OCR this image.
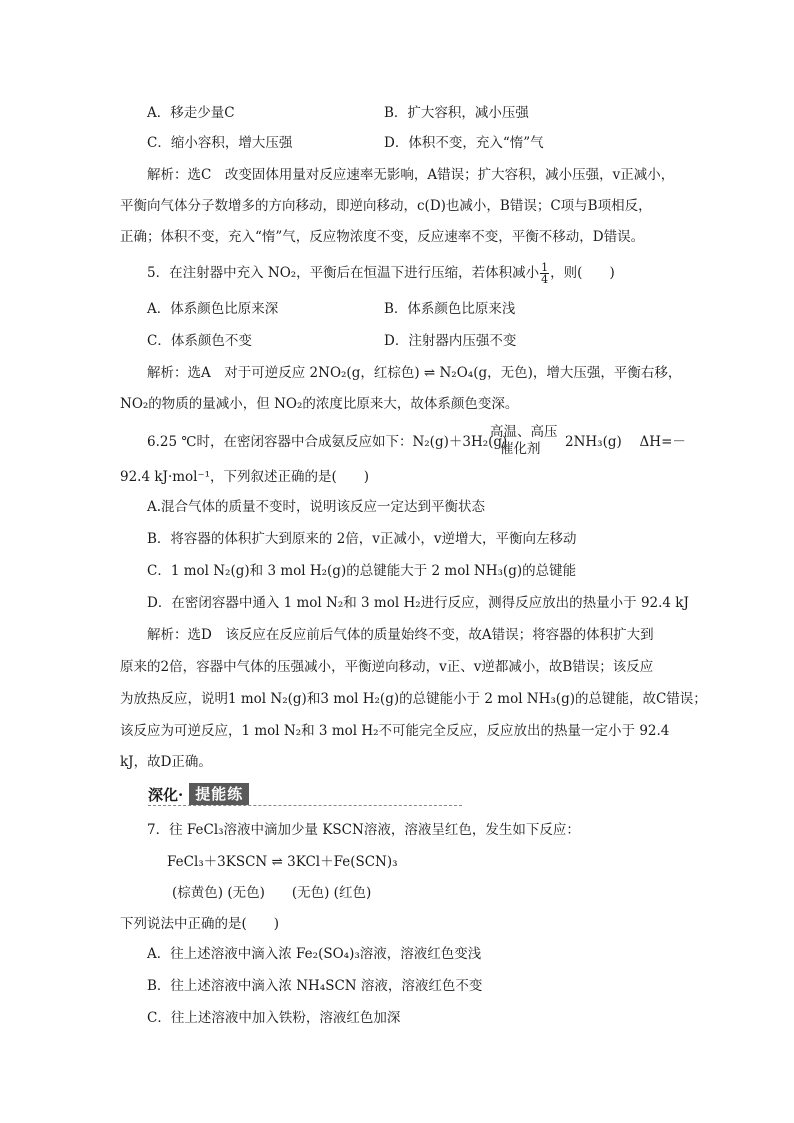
A．移走少量C	B．扩大容积，减小压强
C．缩小容积，增大压强	D．体积不变，充入“惰”气
解析：选C　改变固体用量对反应速率无影响，A错误；扩大容积，减小压强，v正减小，
平衡向气体分子数增多的方向移动，即逆向移动，c(D)也减小，B错误；C项与B项相反，
正确；体积不变，充入“惰”气，反应物浓度不变，反应速率不变，平衡不移动，D错误。
5．在注射器中充入 NO₂，平衡后在恒温下进行压缩，若体积减小 $\frac{1}{4}$ ，则(　　)
A．体系颜色比原来深	B．体系颜色比原来浅
C．体系颜色不变	D．注射器内压强不变
解析：选A　对于可逆反应 2NO₂(g，红棕色) ⇌ N₂O₄(g，无色)，增大压强，平衡右移，
NO₂的物质的量减小，但 NO₂的浓度比原来大，故体系颜色变深。
高温、高压
6.25 ℃时，在密闭容器中合成氨反应如下：N₂(g)＋3H₂(g)	2NH₃(g)　 ΔH=－
催化剂
92.4 kJ·mol⁻¹，下列叙述正确的是(　　)
A.混合气体的质量不变时，说明该反应一定达到平衡状态
B．将容器的体积扩大到原来的 2倍，v正减小，v逆增大，平衡向左移动
C．1 mol N₂(g)和 3 mol H₂(g)的总键能大于 2 mol NH₃(g)的总键能
D．在密闭容器中通入 1 mol N₂和 3 mol H₂进行反应，测得反应放出的热量小于 92.4 kJ
解析：选D　该反应在反应前后气体的质量始终不变，故A错误；将容器的体积扩大到
原来的2倍，容器中气体的压强减小，平衡逆向移动，v正、v逆都减小，故B错误；该反应
为放热反应，说明1 mol N₂(g)和3 mol H₂(g)的总键能小于 2 mol NH₃(g)的总键能，故C错误；
该反应为可逆反应，1 mol N₂和 3 mol H₂不可能完全反应，反应放出的热量一定小于 92.4
kJ，故D正确。
深化· 提能练
7．往 FeCl₃溶液中滴加少量 KSCN溶液，溶液呈红色，发生如下反应：
FeCl₃＋3KSCN ⇌ 3KCl＋Fe(SCN)₃
(棕黄色) (无色)　　(无色) (红色)
下列说法中正确的是(　　)
A．往上述溶液中滴入浓 Fe₂(SO₄)₃溶液，溶液红色变浅
B．往上述溶液中滴入浓 NH₄SCN 溶液，溶液红色不变
C．往上述溶液中加入铁粉，溶液红色加深
